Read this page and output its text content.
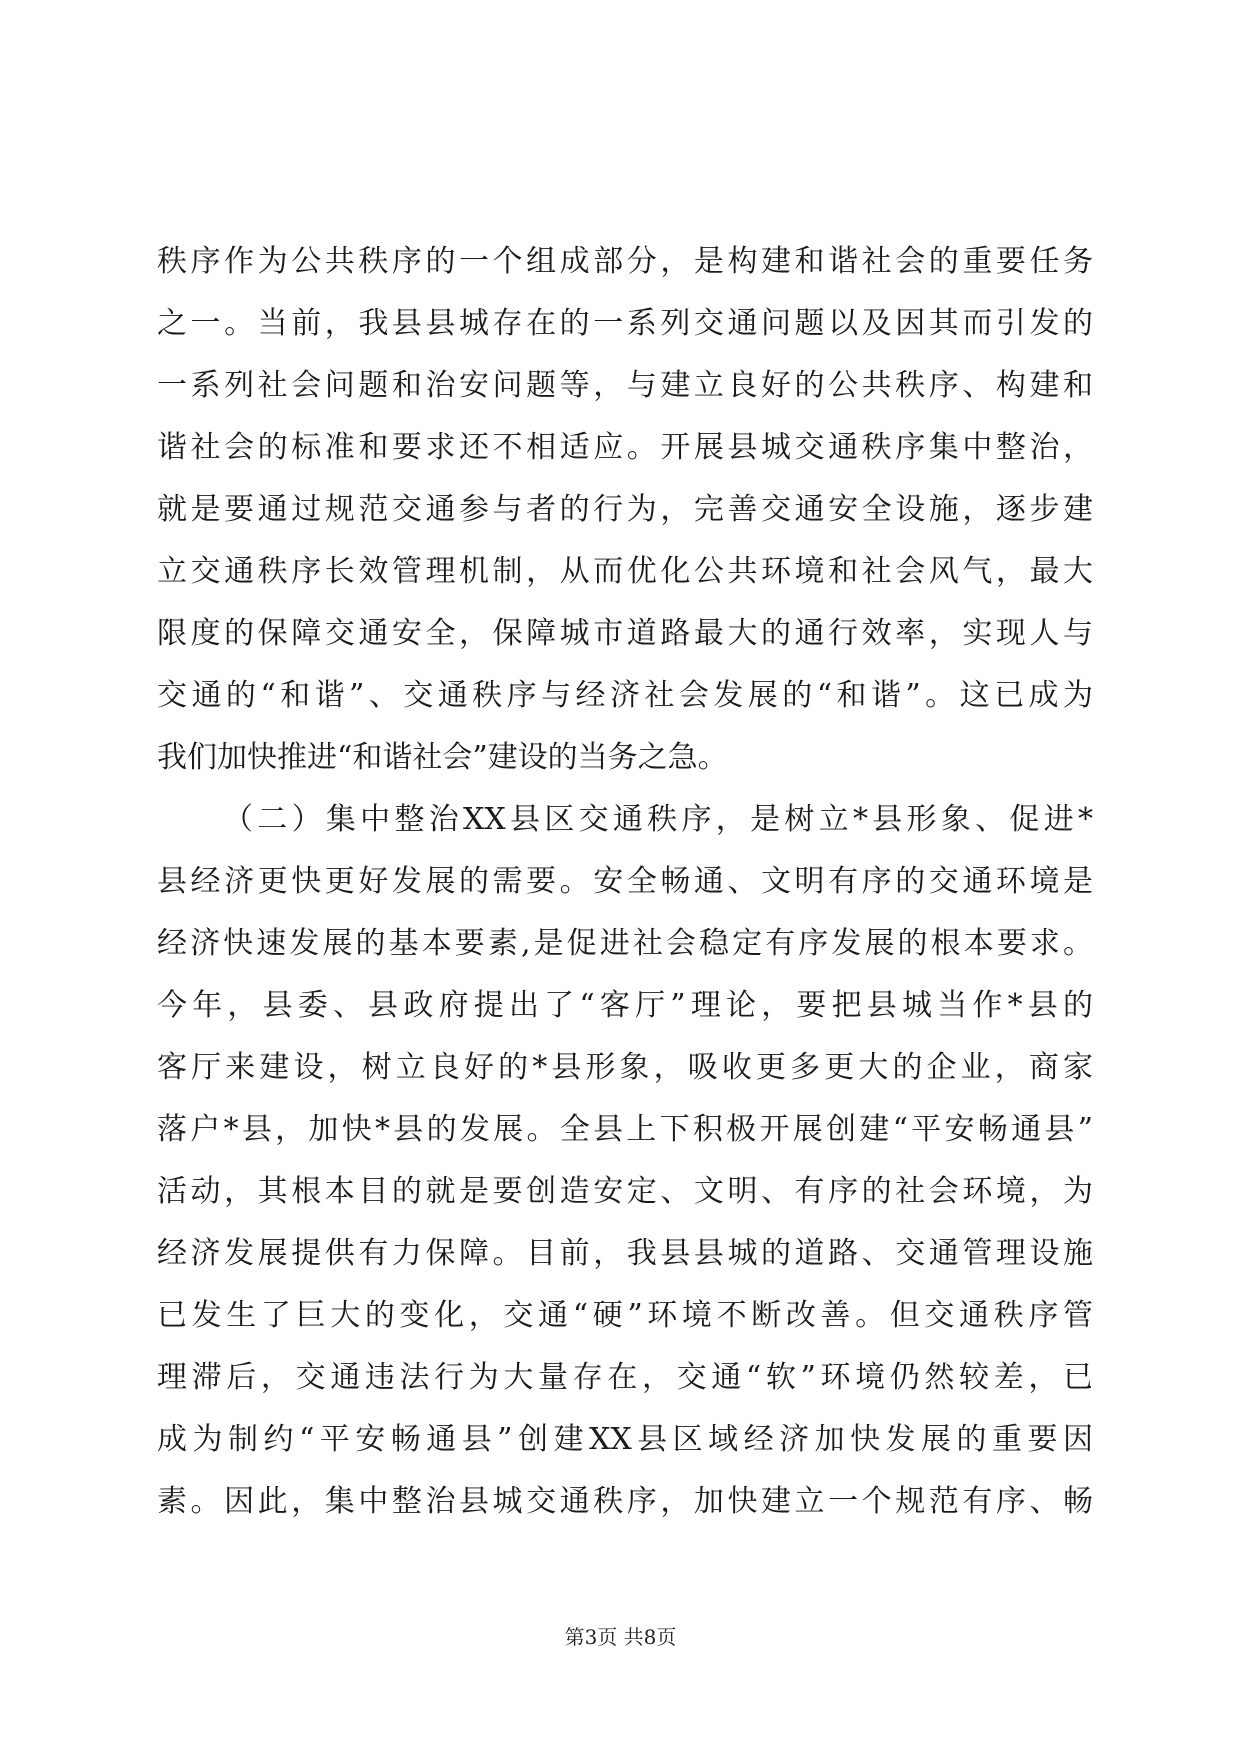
秩序作为公共秩序的一个组成部分，是构建和谐社会的重要任务
之一。当前，我县县城存在的一系列交通问题以及因其而引发的
一系列社会问题和治安问题等，与建立良好的公共秩序、构建和
谐社会的标准和要求还不相适应。开展县城交通秩序集中整治，
就是要通过规范交通参与者的行为，完善交通安全设施，逐步建
立交通秩序长效管理机制，从而优化公共环境和社会风气，最大
限度的保障交通安全，保障城市道路最大的通行效率，实现人与
交通的“和谐”、交通秩序与经济社会发展的“和谐”。这已成为
我们加快推进“和谐社会”建设的当务之急。
（二）集中整治XX县区交通秩序，是树立*县形象、促进*
县经济更快更好发展的需要。安全畅通、文明有序的交通环境是
经济快速发展的基本要素,是促进社会稳定有序发展的根本要求。
今年，县委、县政府提出了“客厅”理论，要把县城当作*县的
客厅来建设，树立良好的*县形象，吸收更多更大的企业，商家
落户*县，加快*县的发展。全县上下积极开展创建“平安畅通县”
活动，其根本目的就是要创造安定、文明、有序的社会环境，为
经济发展提供有力保障。目前，我县县城的道路、交通管理设施
已发生了巨大的变化，交通“硬”环境不断改善。但交通秩序管
理滞后，交通违法行为大量存在，交通“软”环境仍然较差，已
成为制约“平安畅通县”创建XX县区域经济加快发展的重要因
素。因此，集中整治县城交通秩序，加快建立一个规范有序、畅
第3页 共8页
